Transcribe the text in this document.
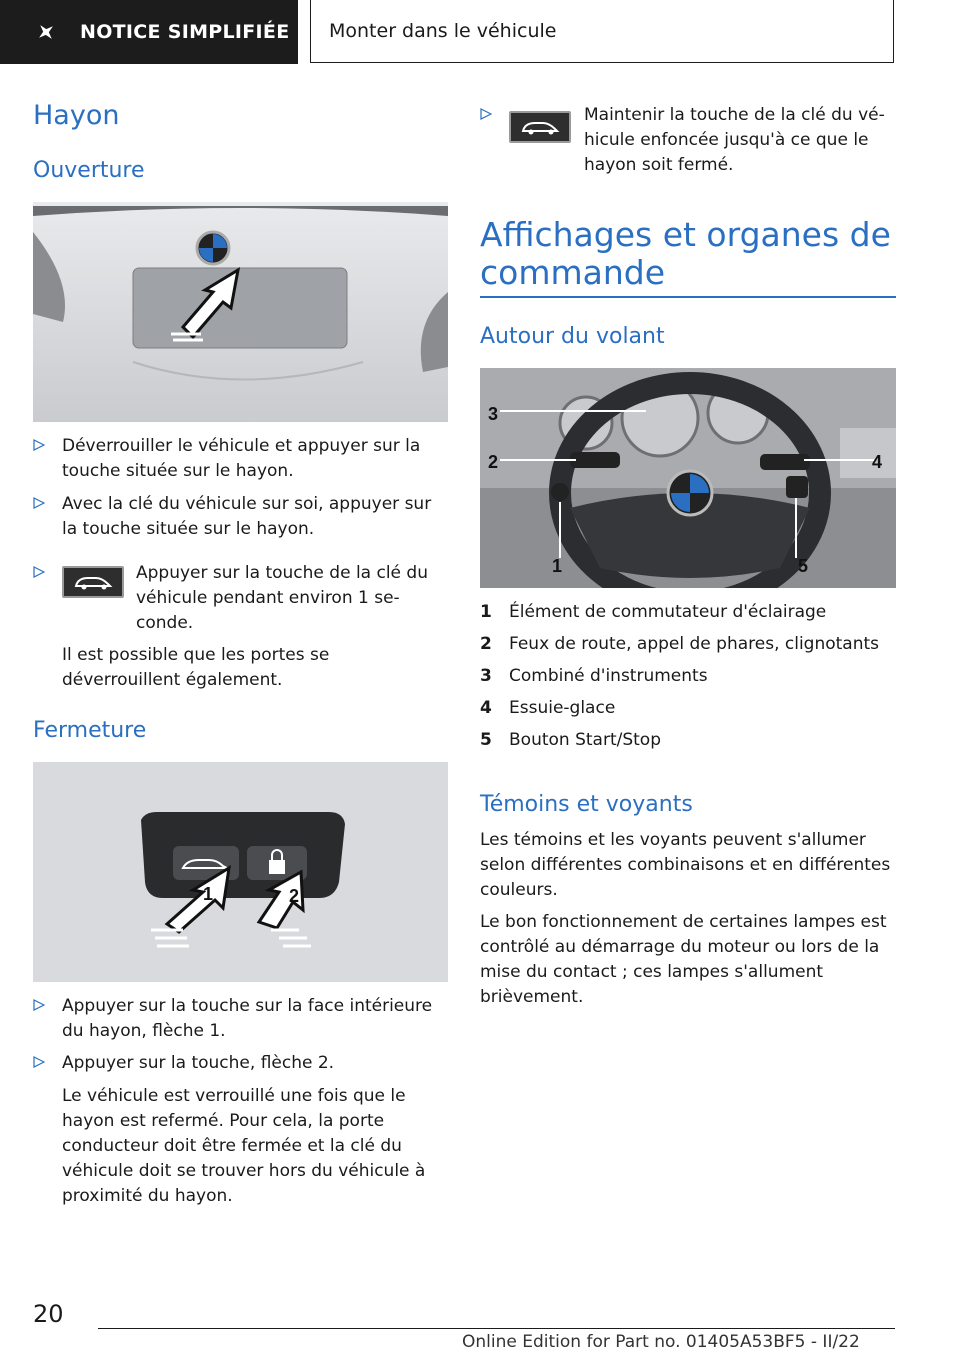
NOTICE SIMPLIFIÉE Monter dans le véhicule
Hayon
Ouverture
Déverrouiller le véhicule et appuyer sur la touche située sur le hayon.
Avec la clé du véhicule sur soi, appuyer sur la touche située sur le hayon.
Appuyer sur la touche de la clé du
véhicule pendant environ 1 se-
conde.

Il est possible que les portes se déverrouillent également.

Fermeture
1	2
Appuyer sur la touche sur la face intérieure du hayon, flèche 1.
Appuyer sur la touche, flèche 2.

Le véhicule est verrouillé une fois que le hayon est refermé. Pour cela, la porte conducteur doit être fermée et la clé du véhicule doit se trouver hors du véhicule à proximité du hayon.

Maintenir la touche de la clé du vé-
hicule enfoncée jusqu'à ce que le
hayon soit fermé.
Affichages et organes de
commande
Autour du volant
3
2	4
1	5
1 Élément de commutateur d'éclairage
2 Feux de route, appel de phares, clignotants
3 Combiné d'instruments
4 Essuie-glace
5 Bouton Start/Stop
Témoins et voyants

Les témoins et les voyants peuvent s'allumer selon différentes combinaisons et en différentes couleurs.

Le bon fonctionnement de certaines lampes est contrôlé au démarrage du moteur ou lors de la mise du contact ; ces lampes s'allument brièvement.

20
Online Edition for Part no. 01405A53BF5 - II/22
